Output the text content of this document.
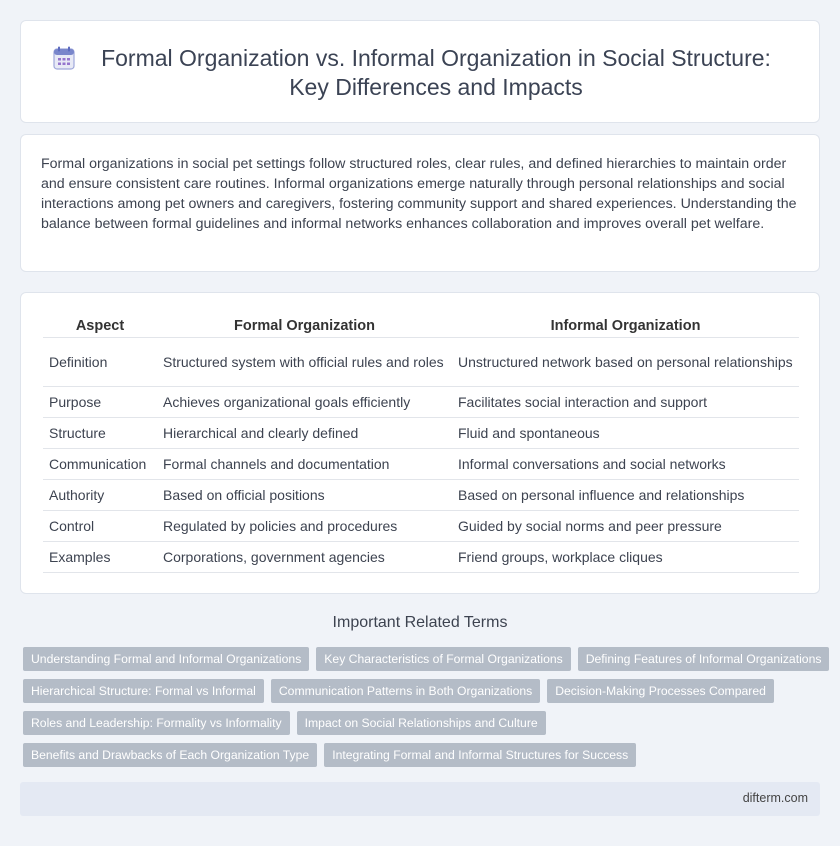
Formal Organization vs. Informal Organization in Social Structure: Key Differences and Impacts

Formal organizations in social pet settings follow structured roles, clear rules, and defined hierarchies to maintain order and ensure consistent care routines. Informal organizations emerge naturally through personal relationships and social interactions among pet owners and caregivers, fostering community support and shared experiences. Understanding the balance between formal guidelines and informal networks enhances collaboration and improves overall pet welfare.

Aspect	Formal Organization	Informal Organization
Definition	Structured system with official rules and roles	Unstructured network based on personal relationships
Purpose	Achieves organizational goals efficiently	Facilitates social interaction and support
Structure	Hierarchical and clearly defined	Fluid and spontaneous
Communication	Formal channels and documentation	Informal conversations and social networks
Authority	Based on official positions	Based on personal influence and relationships
Control	Regulated by policies and procedures	Guided by social norms and peer pressure
Examples	Corporations, government agencies	Friend groups, workplace cliques
Important Related Terms
Understanding Formal and Informal Organizations	Key Characteristics of Formal Organizations	Defining Features of Informal Organizations
Hierarchical Structure: Formal vs Informal	Communication Patterns in Both Organizations	Decision-Making Processes Compared
Roles and Leadership: Formality vs Informality	Impact on Social Relationships and Culture
Benefits and Drawbacks of Each Organization Type	Integrating Formal and Informal Structures for Success
difterm.com
